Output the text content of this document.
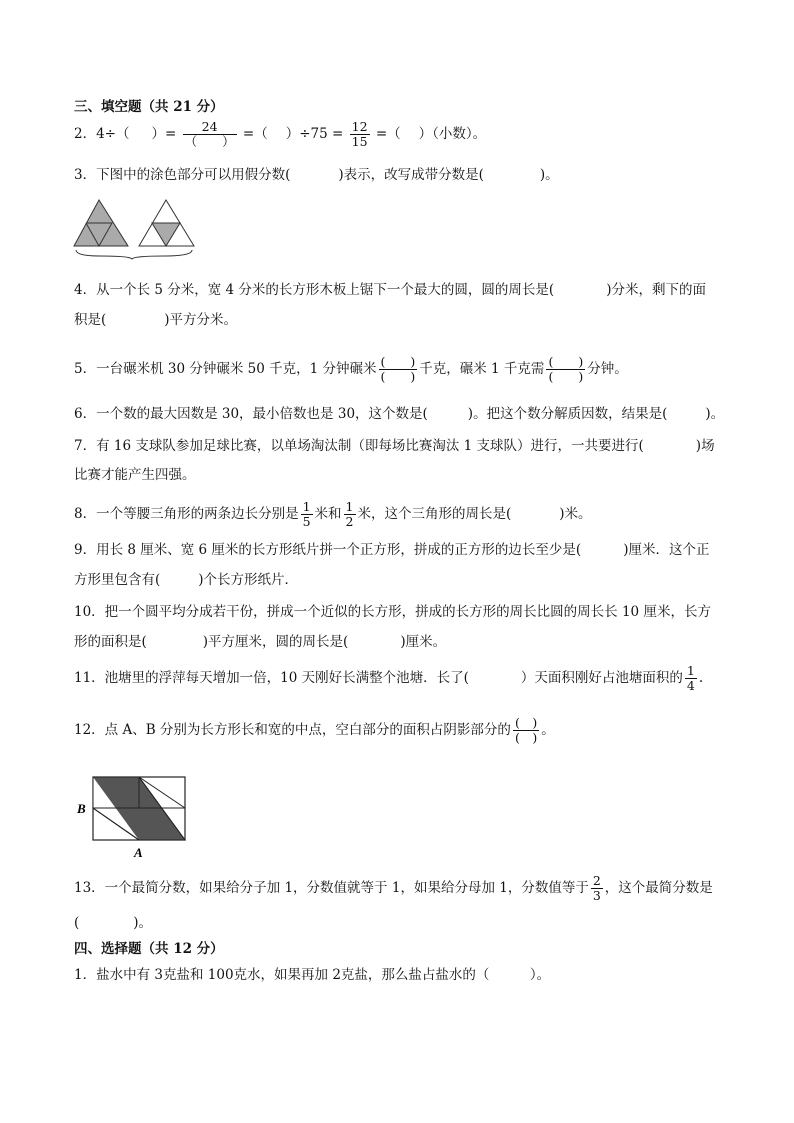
三、填空题（共 21 分）
2．4÷（ ）= $\frac{24}{( )}$ =（ ）$\div 75 = \frac{12}{15}$ =（ ）（小数）。
3．下图中的涂色部分可以用假分数(	)表示，改写成带分数是(	)。
4．从一个长 5 分米，宽 4 分米的长方形木板上锯下一个最大的圆，圆的周长是(	)分米，剩下的面
积是(	)平方分米。
5．一台碾米机 30 分钟碾米 50 千克，1 分钟碾米 $\frac{( )}{( )}$ 千克，碾米 1 千克需 $\frac{( )}{( )}$ 分钟。
6．一个数的最大因数是 30，最小倍数也是 30，这个数是(	)。把这个数分解质因数，结果是(	)。
7．有 16 支球队参加足球比赛，以单场淘汰制（即每场比赛淘汰 1 支球队）进行，一共要进行(	)场
比赛才能产生四强。
8．一个等腰三角形的两条边长分别是 $\frac{1}{5}$ 米和 $\frac{1}{2}$ 米，这个三角形的周长是(	)米。
9．用长 8 厘米、宽 6 厘米的长方形纸片拼一个正方形，拼成的正方形的边长至少是(	)厘米．这个正
方形里包含有(	)个长方形纸片．
10．把一个圆平均分成若干份，拼成一个近似的长方形，拼成的长方形的周长比圆的周长长 10 厘米，长方
形的面积是(	)平方厘米，圆的周长是(	)厘米。
11．池塘里的浮萍每天增加一倍，10 天刚好长满整个池塘．长了(	）天面积刚好占池塘面积的 $\frac{1}{4}$ .
12．点 A、B 分别为长方形长和宽的中点，空白部分的面积占阴影部分的 $\frac{( )}{( )}$ 。
B
A
13．一个最简分数，如果给分子加 1，分数值就等于 1，如果给分母加 1，分数值等于 $\frac{2}{3}$ ，这个最简分数是
(　　　　)。
四、选择题（共 12 分）
1．盐水中有 3克盐和 100克水，如果再加 2克盐，那么盐占盐水的（　　　）。
